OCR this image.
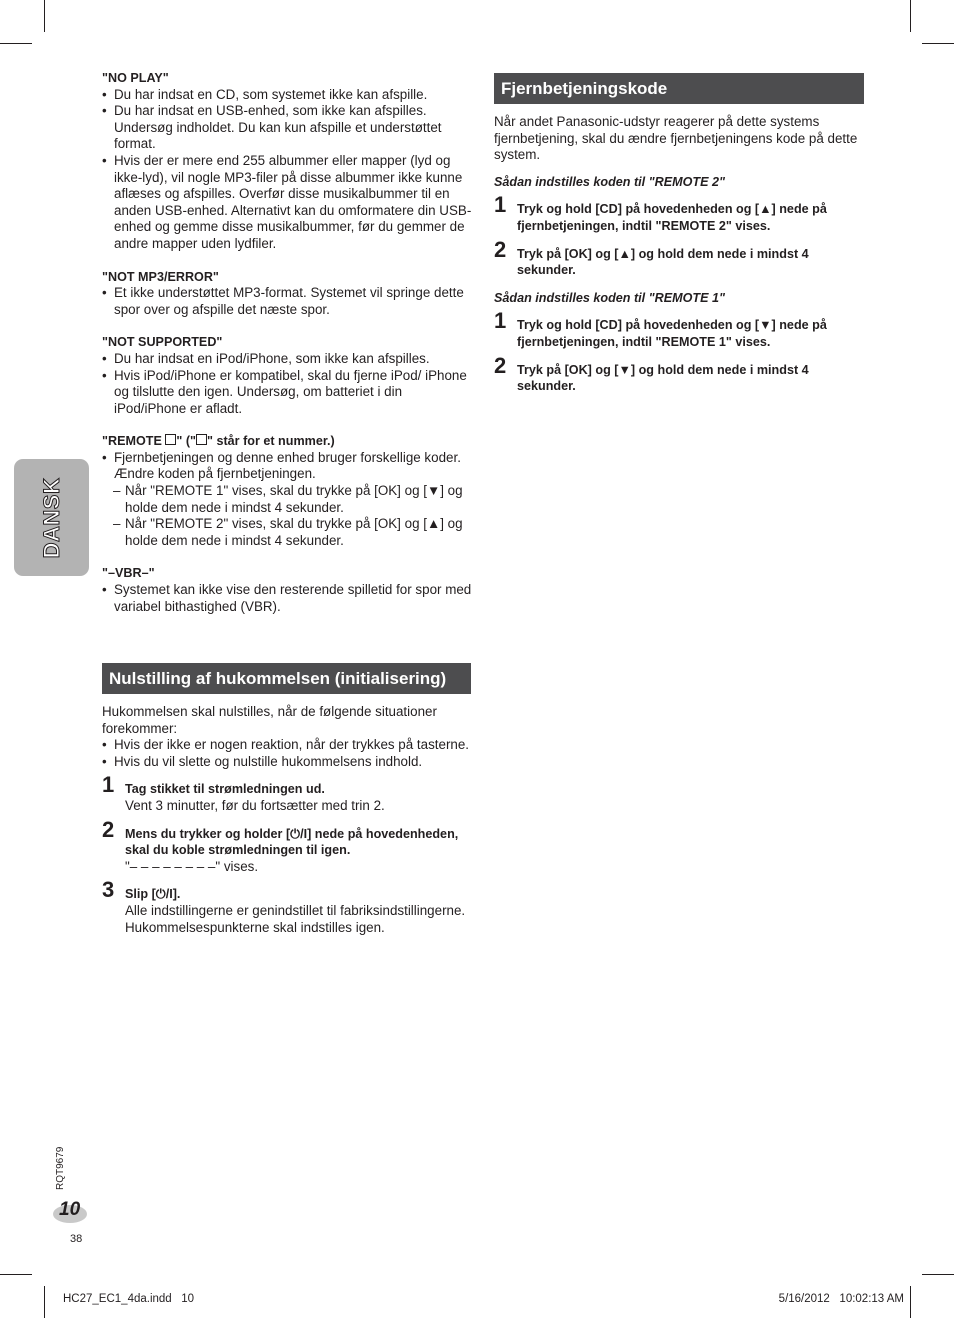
DANSK

"NO PLAY"

• Du har indsat en CD, som systemet ikke kan afspille.

• Du har indsat en USB-enhed, som ikke kan afspilles. Undersøg indholdet. Du kan kun afspille et understøttet format.

• Hvis der er mere end 255 albummer eller mapper (lyd og ikke-lyd), vil nogle MP3-filer på disse albummer ikke kunne aflæses og afspilles. Overfør disse musikalbummer til en anden USB-enhed. Alternativt kan du omformatere din USB-enhed og gemme disse musikalbummer, før du gemmer de andre mapper uden lydfiler.

"NOT MP3/ERROR"

• Et ikke understøttet MP3-format. Systemet vil springe dette spor over og afspille det næste spor.

"NOT SUPPORTED"

• Du har indsat en iPod/iPhone, som ikke kan afspilles.

• Hvis iPod/iPhone er kompatibel, skal du fjerne iPod/ iPhone og tilslutte den igen. Undersøg, om batteriet i din iPod/iPhone er afladt.

"REMOTE " (" " står for et nummer.)

• Fjernbetjeningen og denne enhed bruger forskellige koder. Ændre koden på fjernbetjeningen.

– Når "REMOTE 1" vises, skal du trykke på [OK] og [▼] og holde dem nede i mindst 4 sekunder.

– Når "REMOTE 2" vises, skal du trykke på [OK] og [▲] og holde dem nede i mindst 4 sekunder.

"–VBR–"

• Systemet kan ikke vise den resterende spilletid for spor med variabel bithastighed (VBR).

Nulstilling af hukommelsen (initialisering)

Hukommelsen skal nulstilles, når de følgende situationer forekommer:

• Hvis der ikke er nogen reaktion, når der trykkes på tasterne.

• Hvis du vil slette og nulstille hukommelsens indhold.

1 Tag stikket til strømledningen ud.

Vent 3 minutter, før du fortsætter med trin 2.

2 Mens du trykker og holder [⏻/I] nede på hovedenheden, skal du koble strømledningen til igen.

"– – – – – – – –" vises.

3 Slip [⏻/I].

Alle indstillingerne er genindstillet til fabriksindstillingerne.

Hukommelsespunkterne skal indstilles igen.

Fjernbetjeningskode

Når andet Panasonic-udstyr reagerer på dette systems fjernbetjening, skal du ændre fjernbetjeningens kode på dette system.

Sådan indstilles koden til "REMOTE 2"

1 Tryk og hold [CD] på hovedenheden og [▲] nede på fjernbetjeningen, indtil "REMOTE 2" vises.

2 Tryk på [OK] og [▲] og hold dem nede i mindst 4 sekunder.

Sådan indstilles koden til "REMOTE 1"

1 Tryk og hold [CD] på hovedenheden og [▼] nede på fjernbetjeningen, indtil "REMOTE 1" vises.

2 Tryk på [OK] og [▼] og hold dem nede i mindst 4 sekunder.

RQT9679
10
38
HC27_EC1_4da.indd   10	5/16/2012   10:02:13 AM
